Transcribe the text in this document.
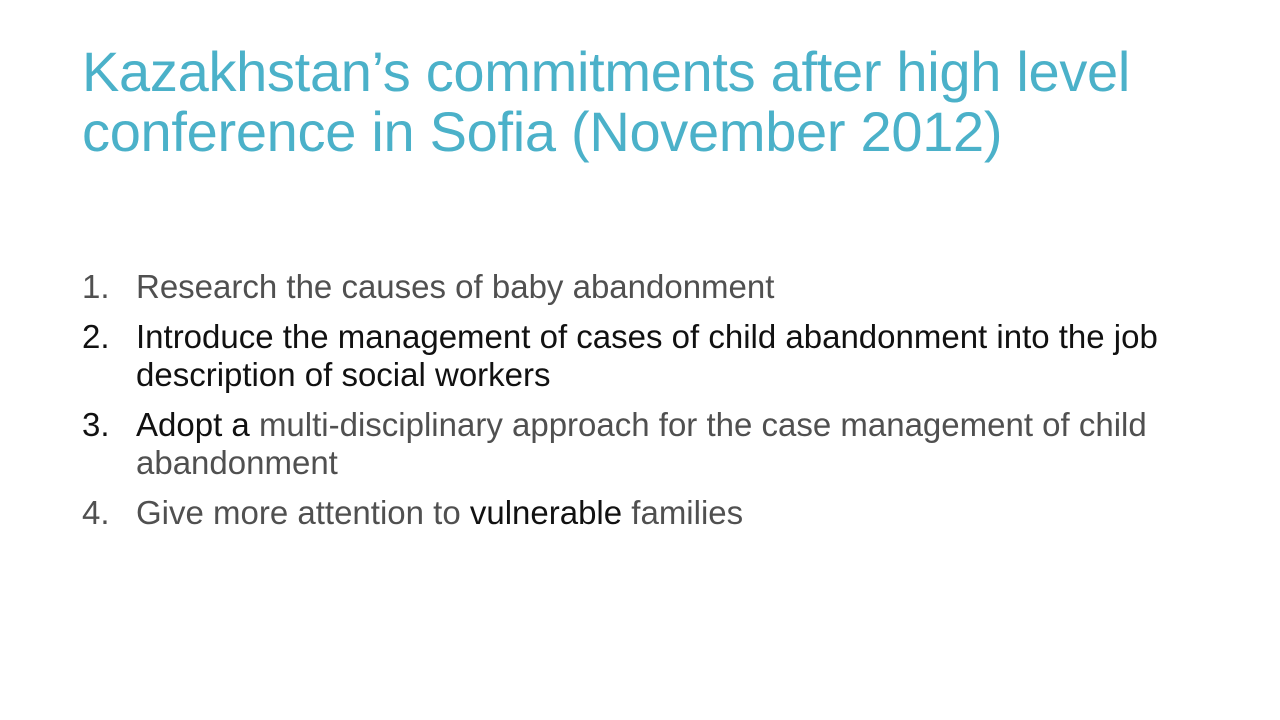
Kazakhstan’s commitments after high level conference in Sofia (November 2012)
1. Research the causes of baby abandonment
2. Introduce the management of cases of child abandonment into the job description of social workers
3. Adopt a multi-disciplinary approach for the case management of child abandonment
4. Give more attention to vulnerable families
